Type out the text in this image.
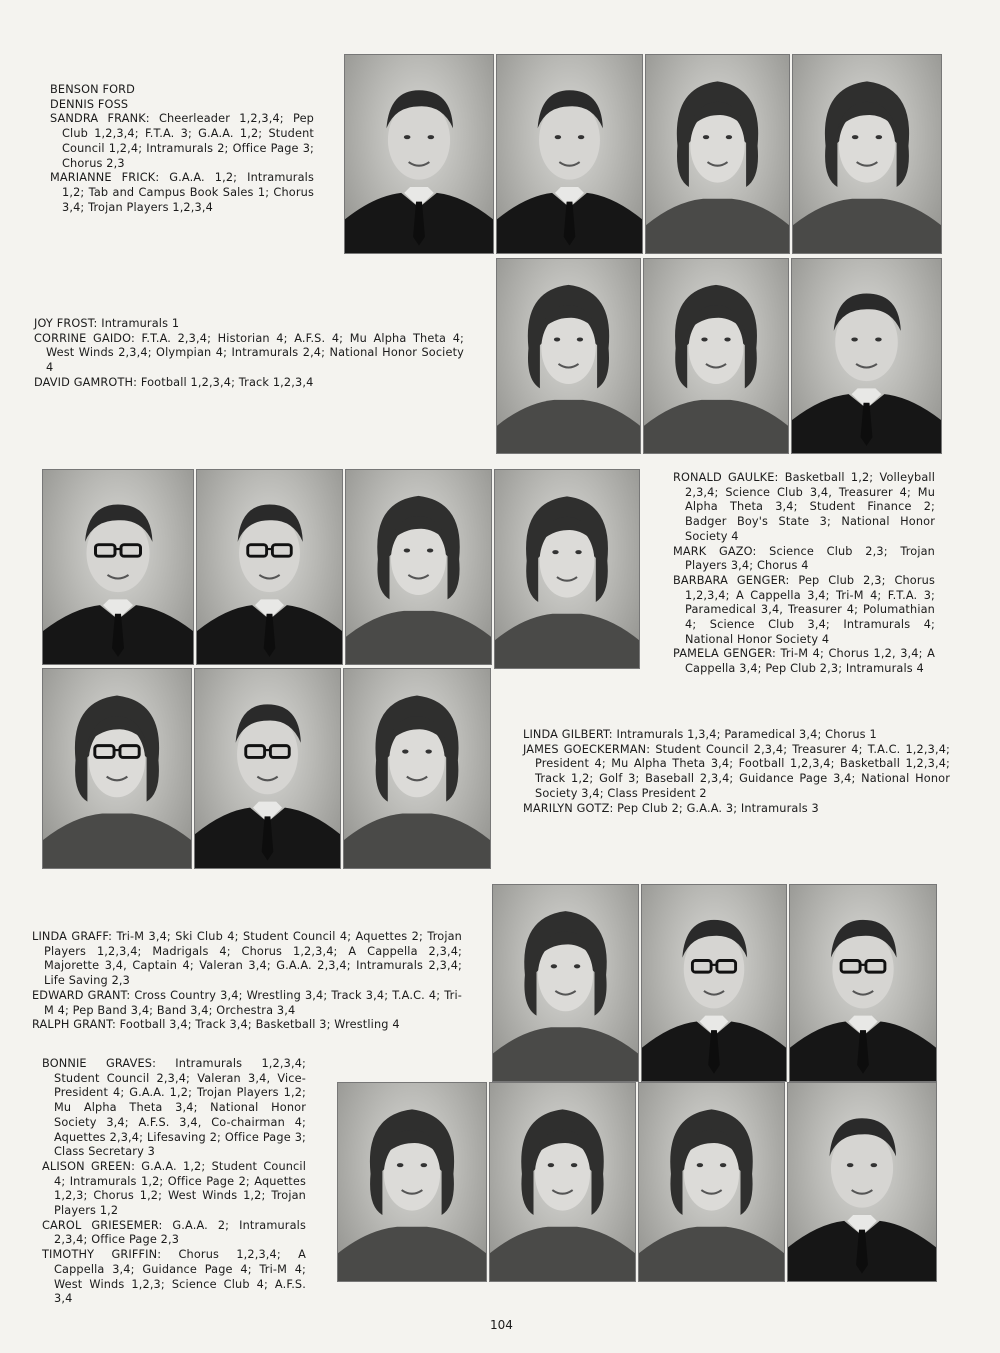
BENSON FORD

DENNIS FOSS

SANDRA FRANK: Cheerleader 1,2,3,4; Pep Club 1,2,3,4; F.T.A. 3; G.A.A. 1,2; Student Council 1,2,4; Intramurals 2; Office Page 3; Chorus 2,3

MARIANNE FRICK: G.A.A. 1,2; Intramurals 1,2; Tab and Campus Book Sales 1; Chorus 3,4; Trojan Players 1,2,3,4

JOY FROST: Intramurals 1

CORRINE GAIDO: F.T.A. 2,3,4; Historian 4; A.F.S. 4; Mu Alpha Theta 4; West Winds 2,3,4; Olympian 4; Intramurals 2,4; National Honor Society 4

DAVID GAMROTH: Football 1,2,3,4; Track 1,2,3,4

RONALD GAULKE: Basketball 1,2; Volleyball 2,3,4; Science Club 3,4, Treasurer 4; Mu Alpha Theta 3,4; Student Finance 2; Badger Boy's State 3; National Honor Society 4

MARK GAZO: Science Club 2,3; Trojan Players 3,4; Chorus 4

BARBARA GENGER: Pep Club 2,3; Chorus 1,2,3,4; A Cappella 3,4; Tri-M 4; F.T.A. 3; Paramedical 3,4, Treasurer 4; Polumathian 4; Science Club 3,4; Intramurals 4; National Honor Society 4

PAMELA GENGER: Tri-M 4; Chorus 1,2, 3,4; A Cappella 3,4; Pep Club 2,3; Intramurals 4

LINDA GILBERT: Intramurals 1,3,4; Paramedical 3,4; Chorus 1

JAMES GOECKERMAN: Student Council 2,3,4; Treasurer 4; T.A.C. 1,2,3,4; President 4; Mu Alpha Theta 3,4; Football 1,2,3,4; Basketball 1,2,3,4; Track 1,2; Golf 3; Baseball 2,3,4; Guidance Page 3,4; National Honor Society 3,4; Class President 2

MARILYN GOTZ: Pep Club 2; G.A.A. 3; Intramurals 3

LINDA GRAFF: Tri-M 3,4; Ski Club 4; Student Council 4; Aquettes 2; Trojan Players 1,2,3,4; Madrigals 4; Chorus 1,2,3,4; A Cappella 2,3,4; Majorette 3,4, Captain 4; Valeran 3,4; G.A.A. 2,3,4; Intramurals 2,3,4; Life Saving 2,3

EDWARD GRANT: Cross Country 3,4; Wrestling 3,4; Track 3,4; T.A.C. 4; Tri-M 4; Pep Band 3,4; Band 3,4; Orchestra 3,4

RALPH GRANT: Football 3,4; Track 3,4; Basketball 3; Wrestling 4

BONNIE GRAVES: Intramurals 1,2,3,4; Student Council 2,3,4; Valeran 3,4, Vice-President 4; G.A.A. 1,2; Trojan Players 1,2; Mu Alpha Theta 3,4; National Honor Society 3,4; A.F.S. 3,4, Co-chairman 4; Aquettes 2,3,4; Lifesaving 2; Office Page 3; Class Secretary 3

ALISON GREEN: G.A.A. 1,2; Student Council 4; Intramurals 1,2; Office Page 2; Aquettes 1,2,3; Chorus 1,2; West Winds 1,2; Trojan Players 1,2

CAROL GRIESEMER: G.A.A. 2; Intramurals 2,3,4; Office Page 2,3

TIMOTHY GRIFFIN: Chorus 1,2,3,4; A Cappella 3,4; Guidance Page 4; Tri-M 4; West Winds 1,2,3; Science Club 4; A.F.S. 3,4

104
